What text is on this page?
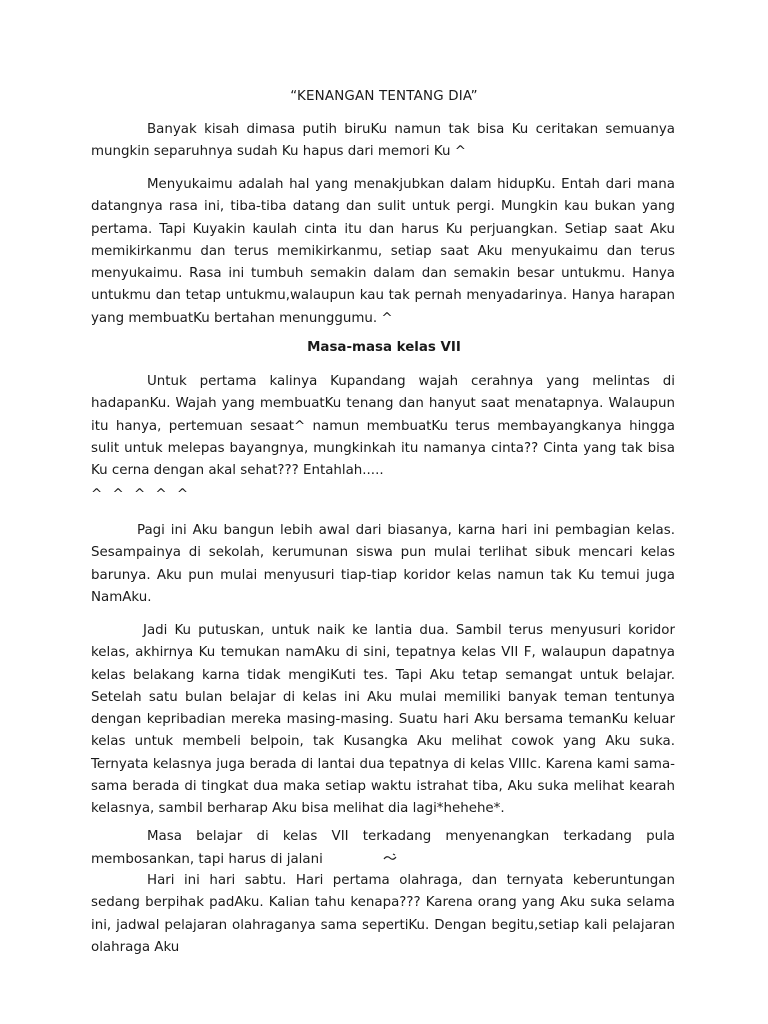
“KENANGAN TENTANG DIA”

Banyak kisah dimasa putih biruKu namun tak bisa Ku ceritakan semuanya mungkin separuhnya sudah Ku hapus dari memori Ku ^

Menyukaimu adalah hal yang menakjubkan dalam hidupKu. Entah dari mana datangnya rasa ini, tiba-tiba datang dan sulit untuk pergi. Mungkin kau bukan yang pertama. Tapi Kuyakin kaulah cinta itu dan harus Ku perjuangkan. Setiap saat Aku memikirkanmu dan terus memikirkanmu, setiap saat Aku menyukaimu dan terus menyukaimu. Rasa ini tumbuh semakin dalam dan semakin besar untukmu. Hanya untukmu dan tetap untukmu,walaupun kau tak pernah menyadarinya. Hanya harapan yang membuatKu bertahan menunggumu. ^

Masa-masa kelas VII

Untuk pertama kalinya Kupandang wajah cerahnya yang melintas di hadapanKu. Wajah yang membuatKu tenang dan hanyut saat menatapnya. Walaupun itu hanya, pertemuan sesaat^ namun membuatKu terus membayangkanya hingga sulit untuk melepas bayangnya, mungkinkah itu namanya cinta?? Cinta yang tak bisa Ku cerna dengan akal sehat??? Entahlah.....

^ ^ ^ ^ ^

Pagi ini Aku bangun lebih awal dari biasanya, karna hari ini pembagian kelas. Sesampainya di sekolah, kerumunan siswa pun mulai terlihat sibuk mencari kelas barunya. Aku pun mulai menyusuri tiap-tiap koridor kelas namun tak Ku temui juga NamAku.

Jadi Ku putuskan, untuk naik ke lantia dua. Sambil terus menyusuri koridor kelas, akhirnya Ku temukan namAku di sini, tepatnya kelas VII F, walaupun dapatnya kelas belakang karna tidak mengiKuti tes. Tapi Aku tetap semangat untuk belajar. Setelah satu bulan belajar di kelas ini Aku mulai memiliki banyak teman tentunya dengan kepribadian mereka masing-masing. Suatu hari Aku bersama temanKu keluar kelas untuk membeli belpoin, tak Kusangka Aku melihat cowok yang Aku suka. Ternyata kelasnya juga berada di lantai dua tepatnya di kelas VIIIc. Karena kami sama-sama berada di tingkat dua maka setiap waktu istrahat tiba, Aku suka melihat kearah kelasnya, sambil berharap Aku bisa melihat dia lagi*hehehe*.

Masa belajar di kelas VII terkadang menyenangkan terkadang pula membosankan, tapi harus di jalani

Hari ini hari sabtu. Hari pertama olahraga, dan ternyata keberuntungan sedang berpihak padAku. Kalian tahu kenapa??? Karena orang yang Aku suka selama ini, jadwal pelajaran olahraganya sama sepertiKu. Dengan begitu,setiap kali pelajaran olahraga Aku
